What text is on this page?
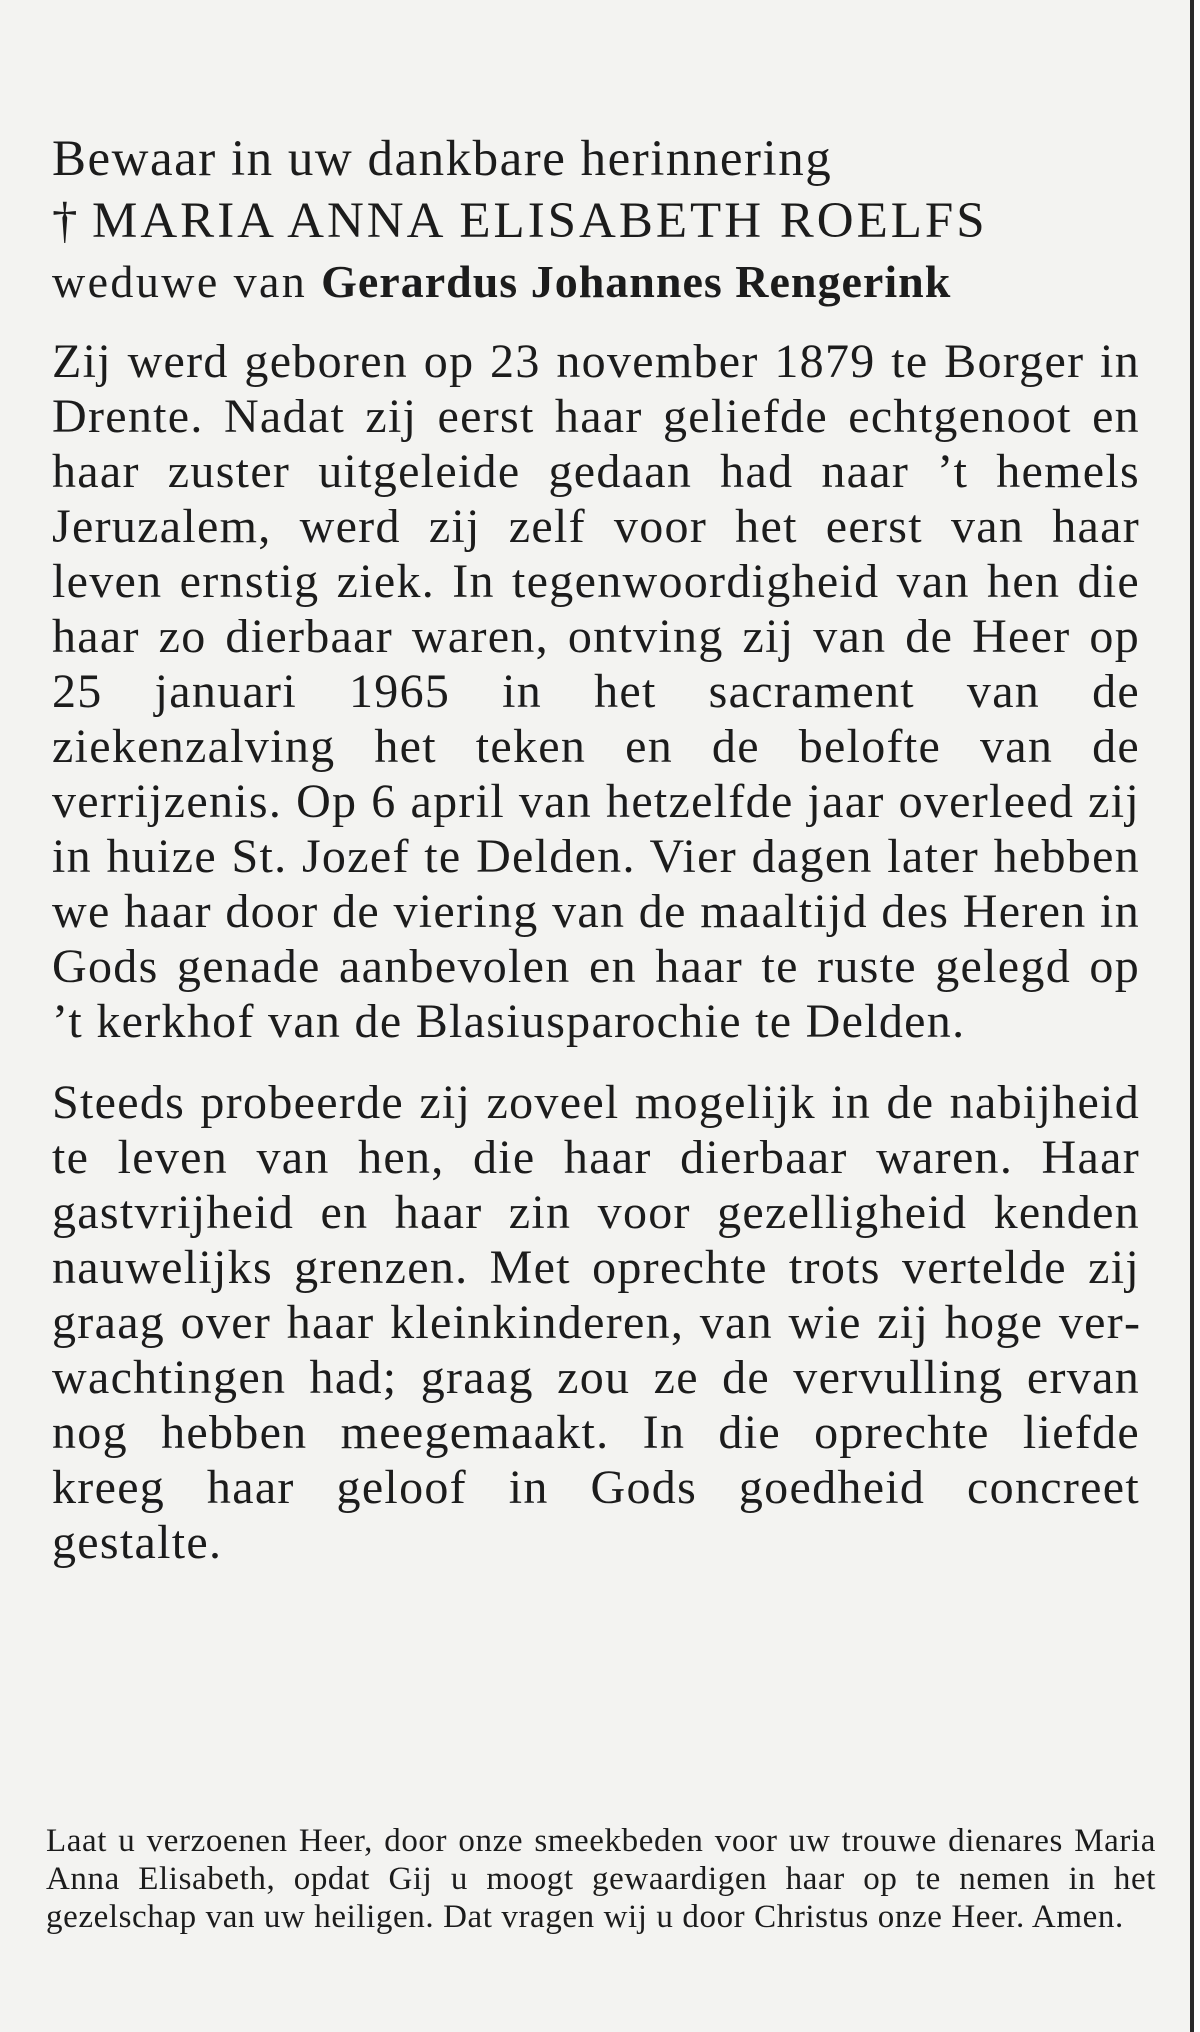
Bewaar in uw dankbare herinnering

† MARIA ANNA ELISABETH ROELFS

weduwe van Gerardus Johannes Rengerink

Zij werd geboren op 23 november 1879 te Borger in Drente. Nadat zij eerst haar geliefde echtgenoot en haar zuster uitgeleide gedaan had naar ’t hemels Jeruzalem, werd zij zelf voor het eerst van haar leven ernstig ziek. In tegenwoordigheid van hen die haar zo dierbaar waren, ontving zij van de Heer op 25 januari 1965 in het sacrament van de ziekenzalving het teken en de belofte van de verrijzenis. Op 6 april van hetzelfde jaar overleed zij in huize St. Jozef te Delden. Vier dagen later hebben we haar door de viering van de maaltijd des Heren in Gods genade aanbevolen en haar te ruste gelegd op ’t kerkhof van de Blasiusparochie te Delden.

Steeds probeerde zij zoveel mogelijk in de nabijheid te leven van hen, die haar dierbaar waren. Haar gastvrijheid en haar zin voor gezelligheid kenden nauwelijks grenzen. Met oprechte trots vertelde zij graag over haar kleinkinderen, van wie zij hoge verwachtingen had; graag zou ze de vervulling ervan nog hebben meegemaakt. In die oprechte liefde kreeg haar geloof in Gods goedheid concreet gestalte.

Laat u verzoenen Heer, door onze smeekbeden voor uw trouwe dienares Maria Anna Elisabeth, opdat Gij u moogt gewaardigen haar op te nemen in het gezelschap van uw heiligen. Dat vragen wij u door Christus onze Heer. Amen.
